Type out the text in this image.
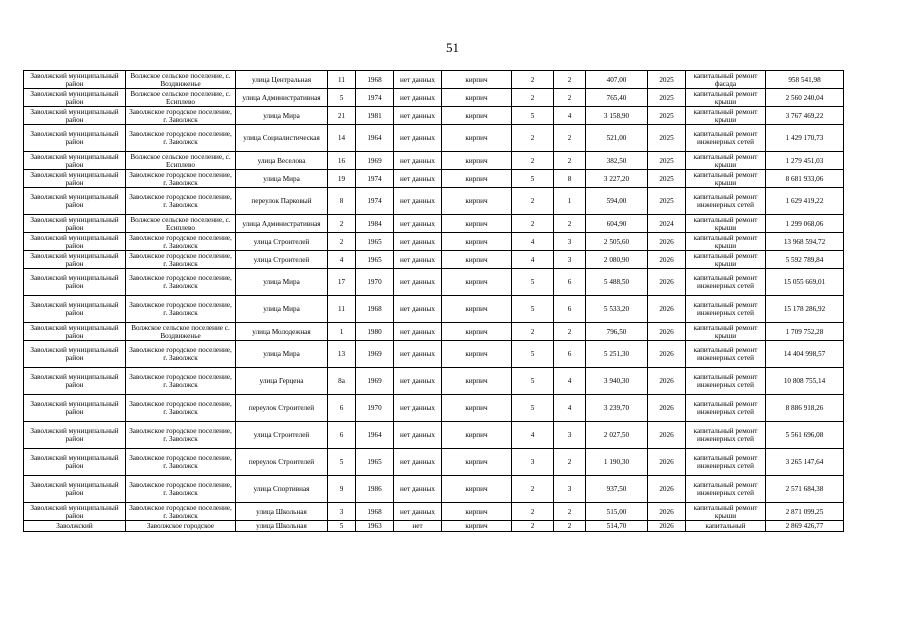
51
Заволжский муниципальный район	Волжское сельское поселение, с. Воздвиженье	улица Центральная	11	1968	нет данных	кирпич	2	2	407,00	2025	капитальный ремонт фасада	958 541,98
Заволжский муниципальный район	Волжское сельское поселение, с. Есиплево	улица Административная	5	1974	нет данных	кирпич	2	2	765,40	2025	капитальный ремонт крыши	2 560 240,04
Заволжский муниципальный район	Заволжское городское поселение, г. Заволжск	улица Мира	21	1981	нет данных	кирпич	5	4	3 158,90	2025	капитальный ремонт крыши	3 767 469,22
Заволжский муниципальный район	Заволжское городское поселение, г. Заволжск	улица Социалистическая	14	1964	нет данных	кирпич	2	2	521,00	2025	капитальный ремонт инженерных сетей	1 429 170,73
Заволжский муниципальный район	Волжское сельское поселение, с. Есиплево	улица Веселова	16	1969	нет данных	кирпич	2	2	382,50	2025	капитальный ремонт крыши	1 279 451,03
Заволжский муниципальный район	Заволжское городское поселение, г. Заволжск	улица Мира	19	1974	нет данных	кирпич	5	8	3 227,20	2025	капитальный ремонт крыши	8 681 933,06
Заволжский муниципальный район	Заволжское городское поселение, г. Заволжск	переулок Парковый	8	1974	нет данных	кирпич	2	1	594,00	2025	капитальный ремонт инженерных сетей	1 629 419,22
Заволжский муниципальный район	Волжское сельское поселение, с. Есиплево	улица Административная	2	1984	нет данных	кирпич	2	2	604,90	2024	капитальный ремонт крыши	1 299 068,06
Заволжский муниципальный район	Заволжское городское поселение, г. Заволжск	улица Строителей	2	1965	нет данных	кирпич	4	3	2 505,60	2026	капитальный ремонт крыши	13 968 594,72
Заволжский муниципальный район	Заволжское городское поселение, г. Заволжск	улица Строителей	4	1965	нет данных	кирпич	4	3	2 080,90	2026	капитальный ремонт крыши	5 592 789,84
Заволжский муниципальный район	Заволжское городское поселение, г. Заволжск	улица Мира	17	1970	нет данных	кирпич	5	6	5 488,50	2026	капитальный ремонт инженерных сетей	15 055 669,01
Заволжский муниципальный район	Заволжское городское поселение, г. Заволжск	улица Мира	11	1968	нет данных	кирпич	5	6	5 533,20	2026	капитальный ремонт инженерных сетей	15 178 286,92
Заволжский муниципальный район	Волжское сельское поселение с. Воздвиженье	улица Молодежная	1	1980	нет данных	кирпич	2	2	796,50	2026	капитальный ремонт крыши	1 709 752,28
Заволжский муниципальный район	Заволжское городское поселение, г. Заволжск	улица Мира	13	1969	нет данных	кирпич	5	6	5 251,30	2026	капитальный ремонт инженерных сетей	14 404 998,57
Заволжский муниципальный район	Заволжское городское поселение, г. Заволжск	улица Герцена	8а	1969	нет данных	кирпич	5	4	3 940,30	2026	капитальный ремонт инженерных сетей	10 808 755,14
Заволжский муниципальный район	Заволжское городское поселение, г. Заволжск	переулок Строителей	6	1970	нет данных	кирпич	5	4	3 239,70	2026	капитальный ремонт инженерных сетей	8 886 918,26
Заволжский муниципальный район	Заволжское городское поселение, г. Заволжск	улица Строителей	6	1964	нет данных	кирпич	4	3	2 027,50	2026	капитальный ремонт инженерных сетей	5 561 696,08
Заволжский муниципальный район	Заволжское городское поселение, г. Заволжск	переулок Строителей	5	1965	нет данных	кирпич	3	2	1 190,30	2026	капитальный ремонт инженерных сетей	3 265 147,64
Заволжский муниципальный район	Заволжское городское поселение, г. Заволжск	улица Спортивная	9	1986	нет данных	кирпич	2	3	937,50	2026	капитальный ремонт инженерных сетей	2 571 684,38
Заволжский муниципальный район	Заволжское городское поселение, г. Заволжск	улица Школьная	3	1968	нет данных	кирпич	2	2	515,00	2026	капитальный ремонт крыши	2 871 099,25
Заволжский	Заволжское городское	улица Школьная	5	1963	нет	кирпич	2	2	514,70	2026	капитальный	2 869 426,77
